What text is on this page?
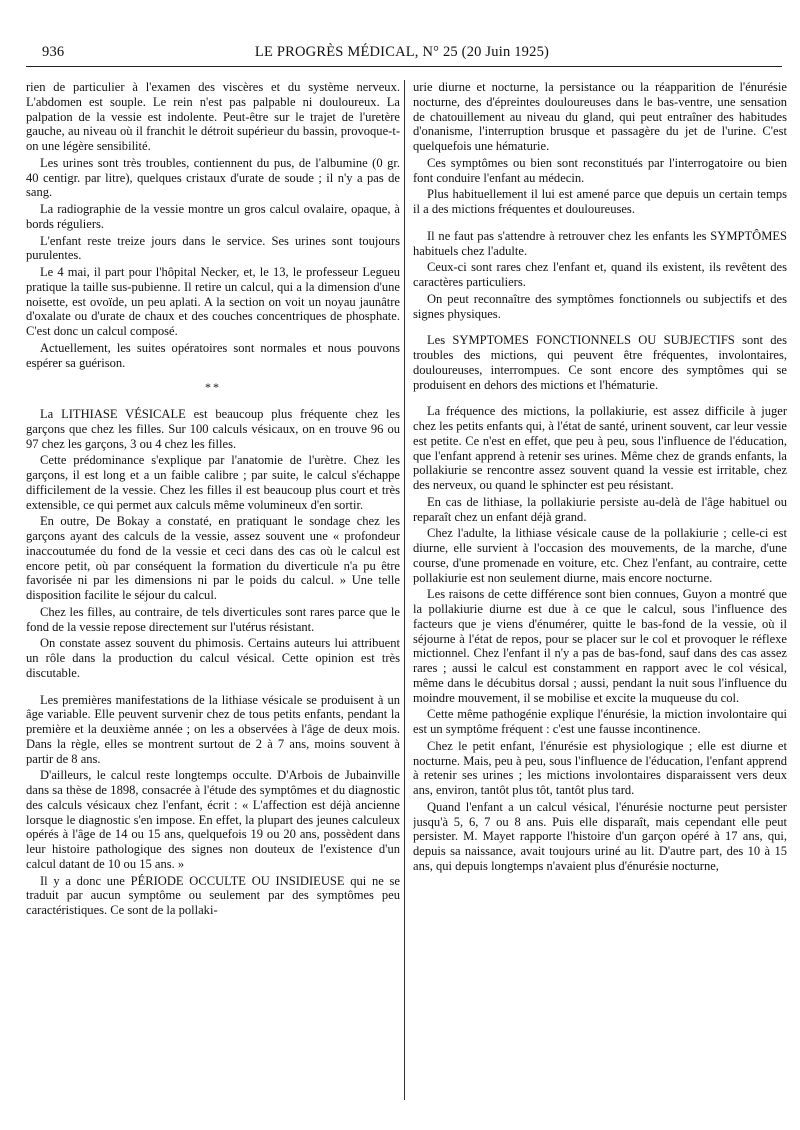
936	LE PROGRÈS MÉDICAL, N° 25 (20 Juin 1925)

rien de particulier à l'examen des viscères et du système nerveux. L'abdomen est souple. Le rein n'est pas palpable ni douloureux. La palpation de la vessie est indolente. Peut-être sur le trajet de l'uretère gauche, au niveau où il franchit le détroit supérieur du bassin, provoque-t-on une légère sensibilité.

Les urines sont très troubles, contiennent du pus, de l'albumine (0 gr. 40 centigr. par litre), quelques cristaux d'urate de soude ; il n'y a pas de sang.

La radiographie de la vessie montre un gros calcul ovalaire, opaque, à bords réguliers.

L'enfant reste treize jours dans le service. Ses urines sont toujours purulentes.

Le 4 mai, il part pour l'hôpital Necker, et, le 13, le professeur Legueu pratique la taille sus-pubienne. Il retire un calcul, qui a la dimension d'une noisette, est ovoïde, un peu aplati. A la section on voit un noyau jaunâtre d'oxalate ou d'urate de chaux et des couches concentriques de phosphate. C'est donc un calcul composé.

Actuellement, les suites opératoires sont normales et nous pouvons espérer sa guérison.

**

La LITHIASE VÉSICALE est beaucoup plus fréquente chez les garçons que chez les filles. Sur 100 calculs vésicaux, on en trouve 96 ou 97 chez les garçons, 3 ou 4 chez les filles.

Cette prédominance s'explique par l'anatomie de l'urètre. Chez les garçons, il est long et a un faible calibre ; par suite, le calcul s'échappe difficilement de la vessie. Chez les filles il est beaucoup plus court et très extensible, ce qui permet aux calculs même volumineux d'en sortir.

En outre, De Bokay a constaté, en pratiquant le sondage chez les garçons ayant des calculs de la vessie, assez souvent une « profondeur inaccoutumée du fond de la vessie et ceci dans des cas où le calcul est encore petit, où par conséquent la formation du diverticule n'a pu être favorisée ni par les dimensions ni par le poids du calcul. » Une telle disposition facilite le séjour du calcul.

Chez les filles, au contraire, de tels diverticules sont rares parce que le fond de la vessie repose directement sur l'utérus résistant.

On constate assez souvent du phimosis. Certains auteurs lui attribuent un rôle dans la production du calcul vésical. Cette opinion est très discutable.

Les premières manifestations de la lithiase vésicale se produisent à un âge variable. Elle peuvent survenir chez de tous petits enfants, pendant la première et la deuxième année ; on les a observées à l'âge de deux mois. Dans la règle, elles se montrent surtout de 2 à 7 ans, moins souvent à partir de 8 ans.

D'ailleurs, le calcul reste longtemps occulte. D'Arbois de Jubainville dans sa thèse de 1898, consacrée à l'étude des symptômes et du diagnostic des calculs vésicaux chez l'enfant, écrit : « L'affection est déjà ancienne lorsque le diagnostic s'en impose. En effet, la plupart des jeunes calculeux opérés à l'âge de 14 ou 15 ans, quelquefois 19 ou 20 ans, possèdent dans leur histoire pathologique des signes non douteux de l'existence d'un calcul datant de 10 ou 15 ans. »

Il y a donc une PÉRIODE OCCULTE OU INSIDIEUSE qui ne se traduit par aucun symptôme ou seulement par des symptômes peu caractéristiques. Ce sont de la pollaki-

urie diurne et nocturne, la persistance ou la réapparition de l'énurésie nocturne, des d'épreintes douloureuses dans le bas-ventre, une sensation de chatouillement au niveau du gland, qui peut entraîner des habitudes d'onanisme, l'interruption brusque et passagère du jet de l'urine. C'est quelquefois une hématurie.

Ces symptômes ou bien sont reconstitués par l'interrogatoire ou bien font conduire l'enfant au médecin.

Plus habituellement il lui est amené parce que depuis un certain temps il a des mictions fréquentes et douloureuses.

Il ne faut pas s'attendre à retrouver chez les enfants les SYMPTÔMES habituels chez l'adulte.

Ceux-ci sont rares chez l'enfant et, quand ils existent, ils revêtent des caractères particuliers.

On peut reconnaître des symptômes fonctionnels ou subjectifs et des signes physiques.

Les SYMPTOMES FONCTIONNELS OU SUBJECTIFS sont des troubles des mictions, qui peuvent être fréquentes, involontaires, douloureuses, interrompues. Ce sont encore des symptômes qui se produisent en dehors des mictions et l'hématurie.

La fréquence des mictions, la pollakiurie, est assez difficile à juger chez les petits enfants qui, à l'état de santé, urinent souvent, car leur vessie est petite. Ce n'est en effet, que peu à peu, sous l'influence de l'éducation, que l'enfant apprend à retenir ses urines. Même chez de grands enfants, la pollakiurie se rencontre assez souvent quand la vessie est irritable, chez des nerveux, ou quand le sphincter est peu résistant.

En cas de lithiase, la pollakiurie persiste au-delà de l'âge habituel ou reparaît chez un enfant déjà grand.

Chez l'adulte, la lithiase vésicale cause de la pollakiurie ; celle-ci est diurne, elle survient à l'occasion des mouvements, de la marche, d'une course, d'une promenade en voiture, etc. Chez l'enfant, au contraire, cette pollakiurie est non seulement diurne, mais encore nocturne.

Les raisons de cette différence sont bien connues, Guyon a montré que la pollakiurie diurne est due à ce que le calcul, sous l'influence des facteurs que je viens d'énumérer, quitte le bas-fond de la vessie, où il séjourne à l'état de repos, pour se placer sur le col et provoquer le réflexe mictionnel. Chez l'enfant il n'y a pas de bas-fond, sauf dans des cas assez rares ; aussi le calcul est constamment en rapport avec le col vésical, même dans le décubitus dorsal ; aussi, pendant la nuit sous l'influence du moindre mouvement, il se mobilise et excite la muqueuse du col.

Cette même pathogénie explique l'énurésie, la miction involontaire qui est un symptôme fréquent : c'est une fausse incontinence.

Chez le petit enfant, l'énurésie est physiologique ; elle est diurne et nocturne. Mais, peu à peu, sous l'influence de l'éducation, l'enfant apprend à retenir ses urines ; les mictions involontaires disparaissent vers deux ans, environ, tantôt plus tôt, tantôt plus tard.

Quand l'enfant a un calcul vésical, l'énurésie nocturne peut persister jusqu'à 5, 6, 7 ou 8 ans. Puis elle disparaît, mais cependant elle peut persister. M. Mayet rapporte l'histoire d'un garçon opéré à 17 ans, qui, depuis sa naissance, avait toujours uriné au lit. D'autre part, des 10 à 15 ans, qui depuis longtemps n'avaient plus d'énurésie nocturne,
